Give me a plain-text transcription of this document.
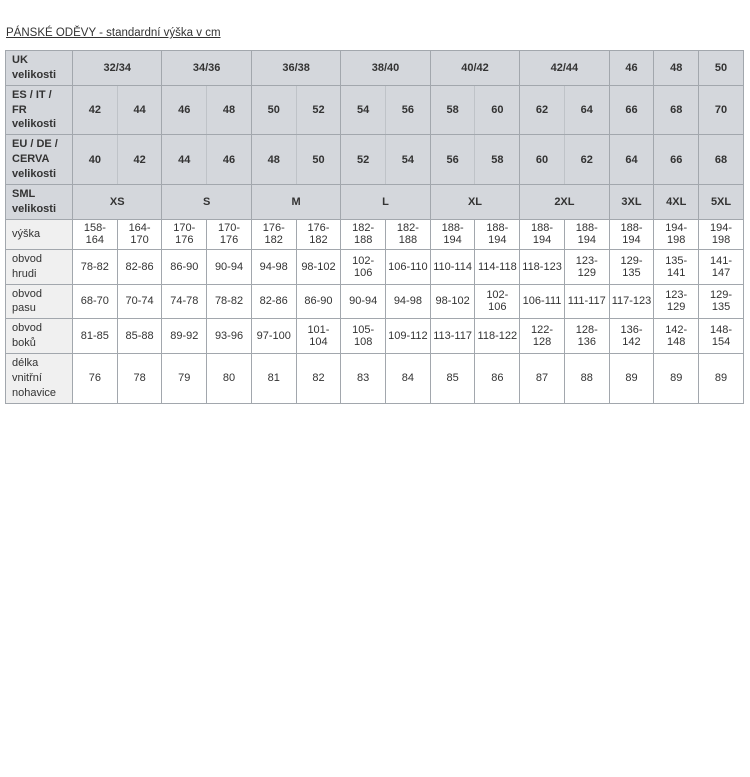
PÁNSKÉ ODĚVY - standardní výška v cm
UK velikosti	32/34		34/36		36/38		38/40		40/42		42/44		46	48	50
ES / IT / FR velikosti	42	44	46	48	50	52	54	56	58	60	62	64	66	68	70
EU / DE / CERVA velikosti	40	42	44	46	48	50	52	54	56	58	60	62	64	66	68
SML velikosti	XS		S		M		L		XL		2XL		3XL	4XL	5XL
výška	158-164	164-170	170-176	170-176	176-182	176-182	182-188	182-188	188-194	188-194	188-194	188-194	188-194	194-198	194-198
obvod hrudi	78-82	82-86	86-90	90-94	94-98	98-102	102-106	106-110	110-114	114-118	118-123	123-129	129-135	135-141	141-147
obvod pasu	68-70	70-74	74-78	78-82	82-86	86-90	90-94	94-98	98-102	102-106	106-111	111-117	117-123	123-129	129-135
obvod boků	81-85	85-88	89-92	93-96	97-100	101-104	105-108	109-112	113-117	118-122	122-128	128-136	136-142	142-148	148-154
délka vnitřní nohavice	76	78	79	80	81	82	83	84	85	86	87	88	89	89	89
